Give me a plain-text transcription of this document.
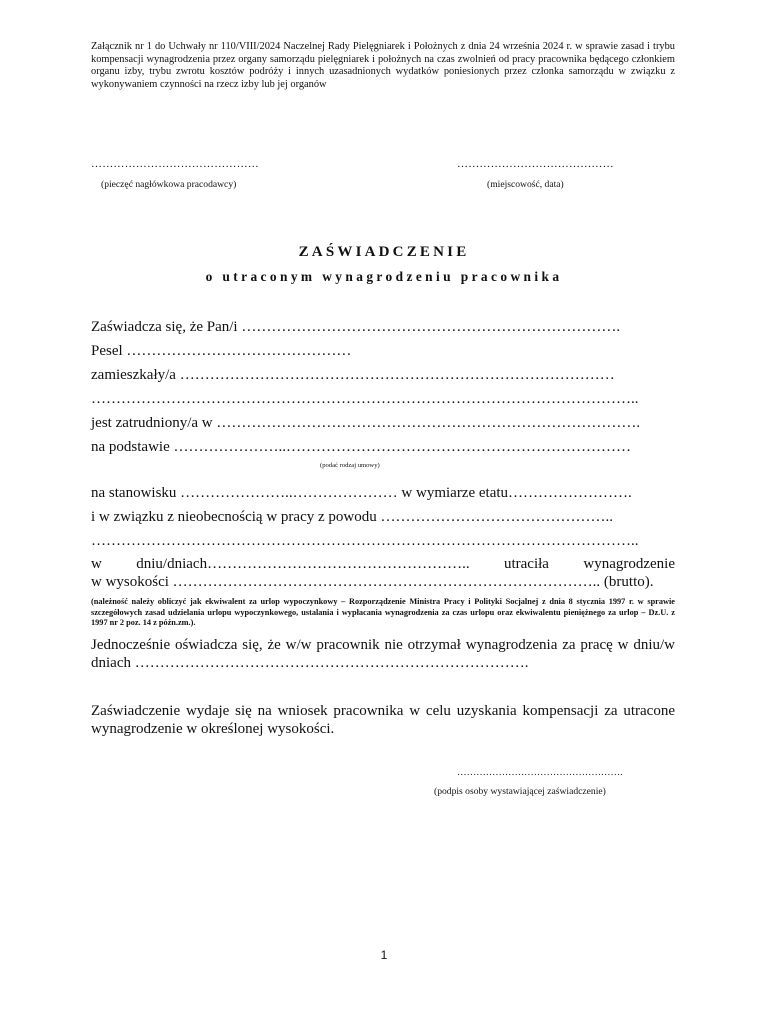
Załącznik nr 1 do Uchwały nr 110/VIII/2024 Naczelnej Rady Pielęgniarek i Położnych z dnia 24 września 2024 r. w sprawie zasad i trybu kompensacji wynagrodzenia przez organy samorządu pielęgniarek i położnych na czas zwolnień od pracy pracownika będącego członkiem organu izby, trybu zwrotu kosztów podróży i innych uzasadnionych wydatków poniesionych przez członka samorządu w związku z wykonywaniem czynności na rzecz izby lub jej organów
………………………………………
(pieczęć nagłówkowa pracodawcy)
……………………………………
(miejscowość, data)
ZAŚWIADCZENIE
o utraconym wynagrodzeniu pracownika
Zaświadcza się, że Pan/i ………………………………………………………………….
Pesel ………………………………………
zamieszkały/a ……………………………………………………………………………
………………………………………………………………………………………………..
jest zatrudniony/a w ………………………………………………………………………….
na podstawie …………………..……………………………………………………………
(podać rodzaj umowy)
na stanowisku …………………..………………… w wymiarze etatu…………………….
i w związku z nieobecnością w pracy z powodu ………………………………………..
………………………………………………………………………………………………..
w dniu/dniach…………………………………………….. utraciła wynagrodzenie
w wysokości ………………………………………………………………………….. (brutto).
(należność należy obliczyć jak ekwiwalent za urlop wypoczynkowy – Rozporządzenie Ministra Pracy i Polityki Socjalnej z dnia 8 stycznia 1997 r. w sprawie szczegółowych zasad udzielania urlopu wypoczynkowego, ustalania i wypłacania wynagrodzenia za czas urlopu oraz ekwiwalentu pieniężnego za urlop – Dz.U. z 1997 nr 2 poz. 14 z późn.zm.).
Jednocześnie oświadcza się, że w/w pracownik nie otrzymał wynagrodzenia za pracę w dniu/w dniach …………………………………………………………………….
Zaświadczenie wydaje się na wniosek pracownika w celu uzyskania kompensacji za utracone wynagrodzenie w określonej wysokości.
…………………………………………….
(podpis osoby wystawiającej zaświadczenie)
1
